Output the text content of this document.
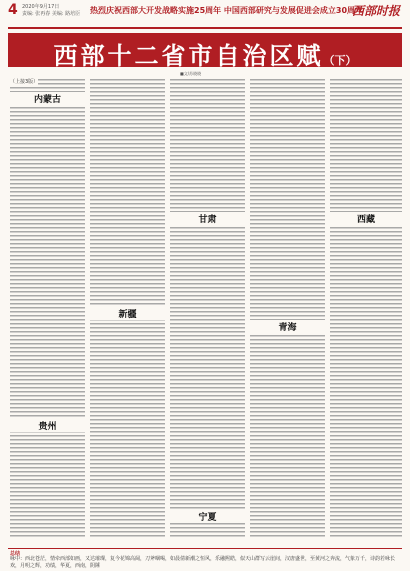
4 2020年9月17日
责编: 张再春 美编: 路培臣 热烈庆祝西部大开发战略实施25周年 中国西部研究与发展促进会成立30周年
西部时报
西部十二省市自治区赋（下）
■文/苏晓晓
（上接3版）
内蒙古
贵州
新疆
甘肃
宁夏
青海
西藏
总结
咏中：西北苍茫，情牵西部如画，又达璀璨，复今花锦高阔，刀斧咽喝，如晨倩新潮之恒风，乐融熙皓，似天山群写云崖间，汉唐盛世，至黄河之奔流，气象万千，诗韵若咏长欢，月明之辉，功绩，华夏，西南，阴陲
